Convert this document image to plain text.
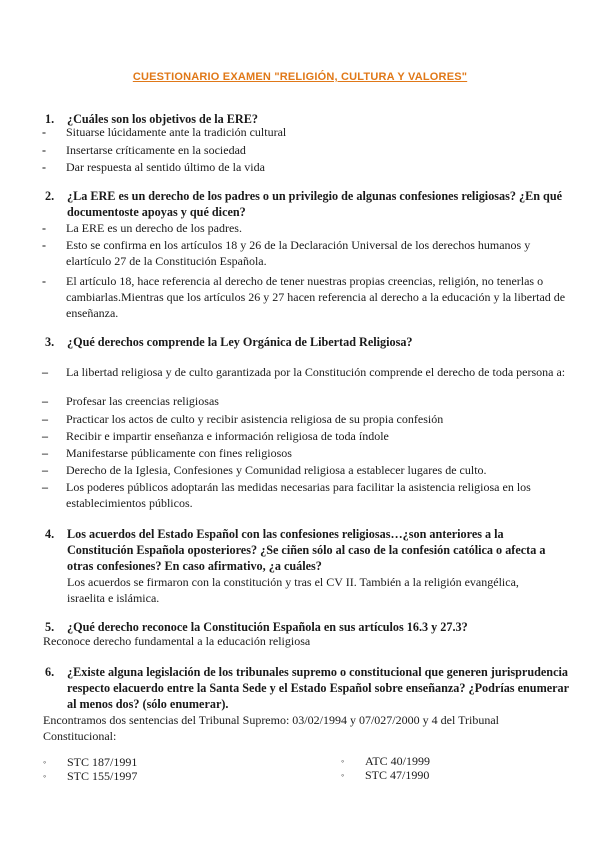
CUESTIONARIO EXAMEN "RELIGIÓN, CULTURA Y VALORES"
1. ¿Cuáles son los objetivos de la ERE?
- Situarse lúcidamente ante la tradición cultural
- Insertarse críticamente en la sociedad
- Dar respuesta al sentido último de la vida
2. ¿La ERE es un derecho de los padres o un privilegio de algunas confesiones religiosas? ¿En qué documentoste apoyas y qué dicen?
- La ERE es un derecho de los padres.
- Esto se confirma en los artículos 18 y 26 de la Declaración Universal de los derechos humanos y elartículo 27 de la Constitución Española.
- El artículo 18, hace referencia al derecho de tener nuestras propias creencias, religión, no tenerlas o cambiarlas.Mientras que los artículos 26 y 27 hacen referencia al derecho a la educación y la libertad de enseñanza.
3. ¿Qué derechos comprende la Ley Orgánica de Libertad Religiosa?
– La libertad religiosa y de culto garantizada por la Constitución comprende el derecho de toda persona a:
– Profesar las creencias religiosas
– Practicar los actos de culto y recibir asistencia religiosa de su propia confesión
– Recibir e impartir enseñanza e información religiosa de toda índole
– Manifestarse públicamente con fines religiosos
– Derecho de la Iglesia, Confesiones y Comunidad religiosa a establecer lugares de culto.
– Los poderes públicos adoptarán las medidas necesarias para facilitar la asistencia religiosa en los establecimientos públicos.
4. Los acuerdos del Estado Español con las confesiones religiosas…¿son anteriores a la Constitución Española oposteriores? ¿Se ciñen sólo al caso de la confesión católica o afecta a otras confesiones? En caso afirmativo, ¿a cuáles?
Los acuerdos se firmaron con la constitución y tras el CV II. También a la religión evangélica, israelita e islámica.
5. ¿Qué derecho reconoce la Constitución Española en sus artículos 16.3 y 27.3?
Reconoce derecho fundamental a la educación religiosa
6. ¿Existe alguna legislación de los tribunales supremo o constitucional que generen jurisprudencia respecto elacuerdo entre la Santa Sede y el Estado Español sobre enseñanza? ¿Podrías enumerar al menos dos? (sólo enumerar).
Encontramos dos sentencias del Tribunal Supremo: 03/02/1994 y 07/027/2000 y 4 del Tribunal Constitucional:
◦ STC 187/1991
◦ STC 155/1997
◦ ATC 40/1999
◦ STC 47/1990
